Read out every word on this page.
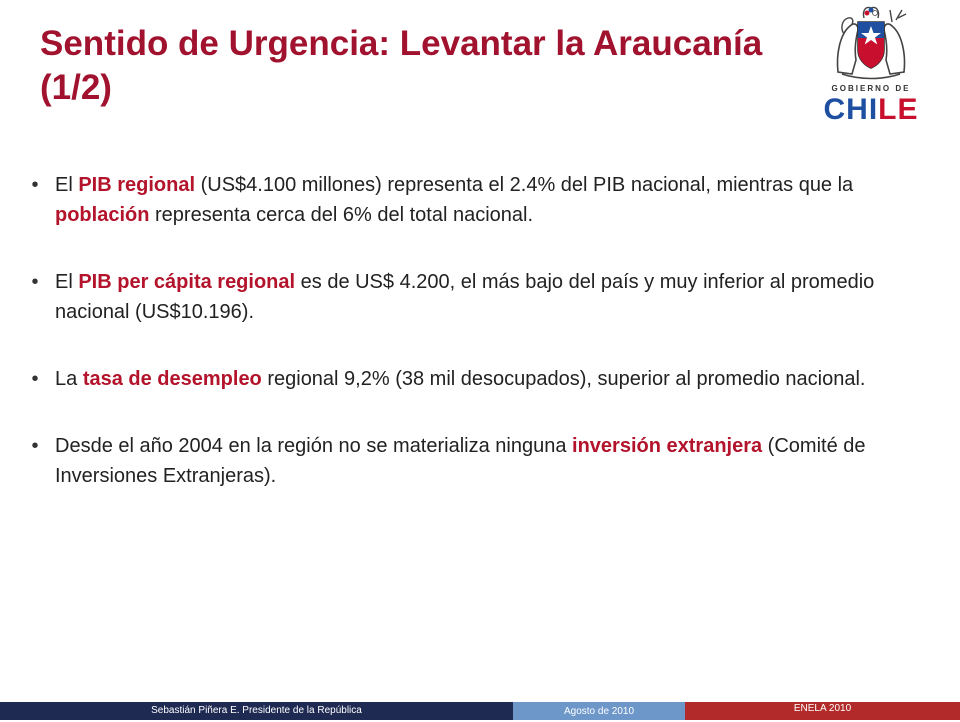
Sentido de Urgencia: Levantar la Araucanía
(1/2)	GOBIERNO DE
CHILE
• El PIB regional (US$4.100 millones) representa el 2.4% del PIB nacional, mientras que la población representa cerca del 6% del total nacional.
• El PIB per cápita regional es de US$ 4.200, el más bajo del país y muy inferior al promedio nacional (US$10.196).
• La tasa de desempleo regional 9,2% (38 mil desocupados), superior al promedio nacional.
• Desde el año 2004 en la región no se materializa ninguna inversión extranjera (Comité de Inversiones Extranjeras).
Sebastián Piñera E. Presidente de la República	Agosto de 2010	ENELA 2010
